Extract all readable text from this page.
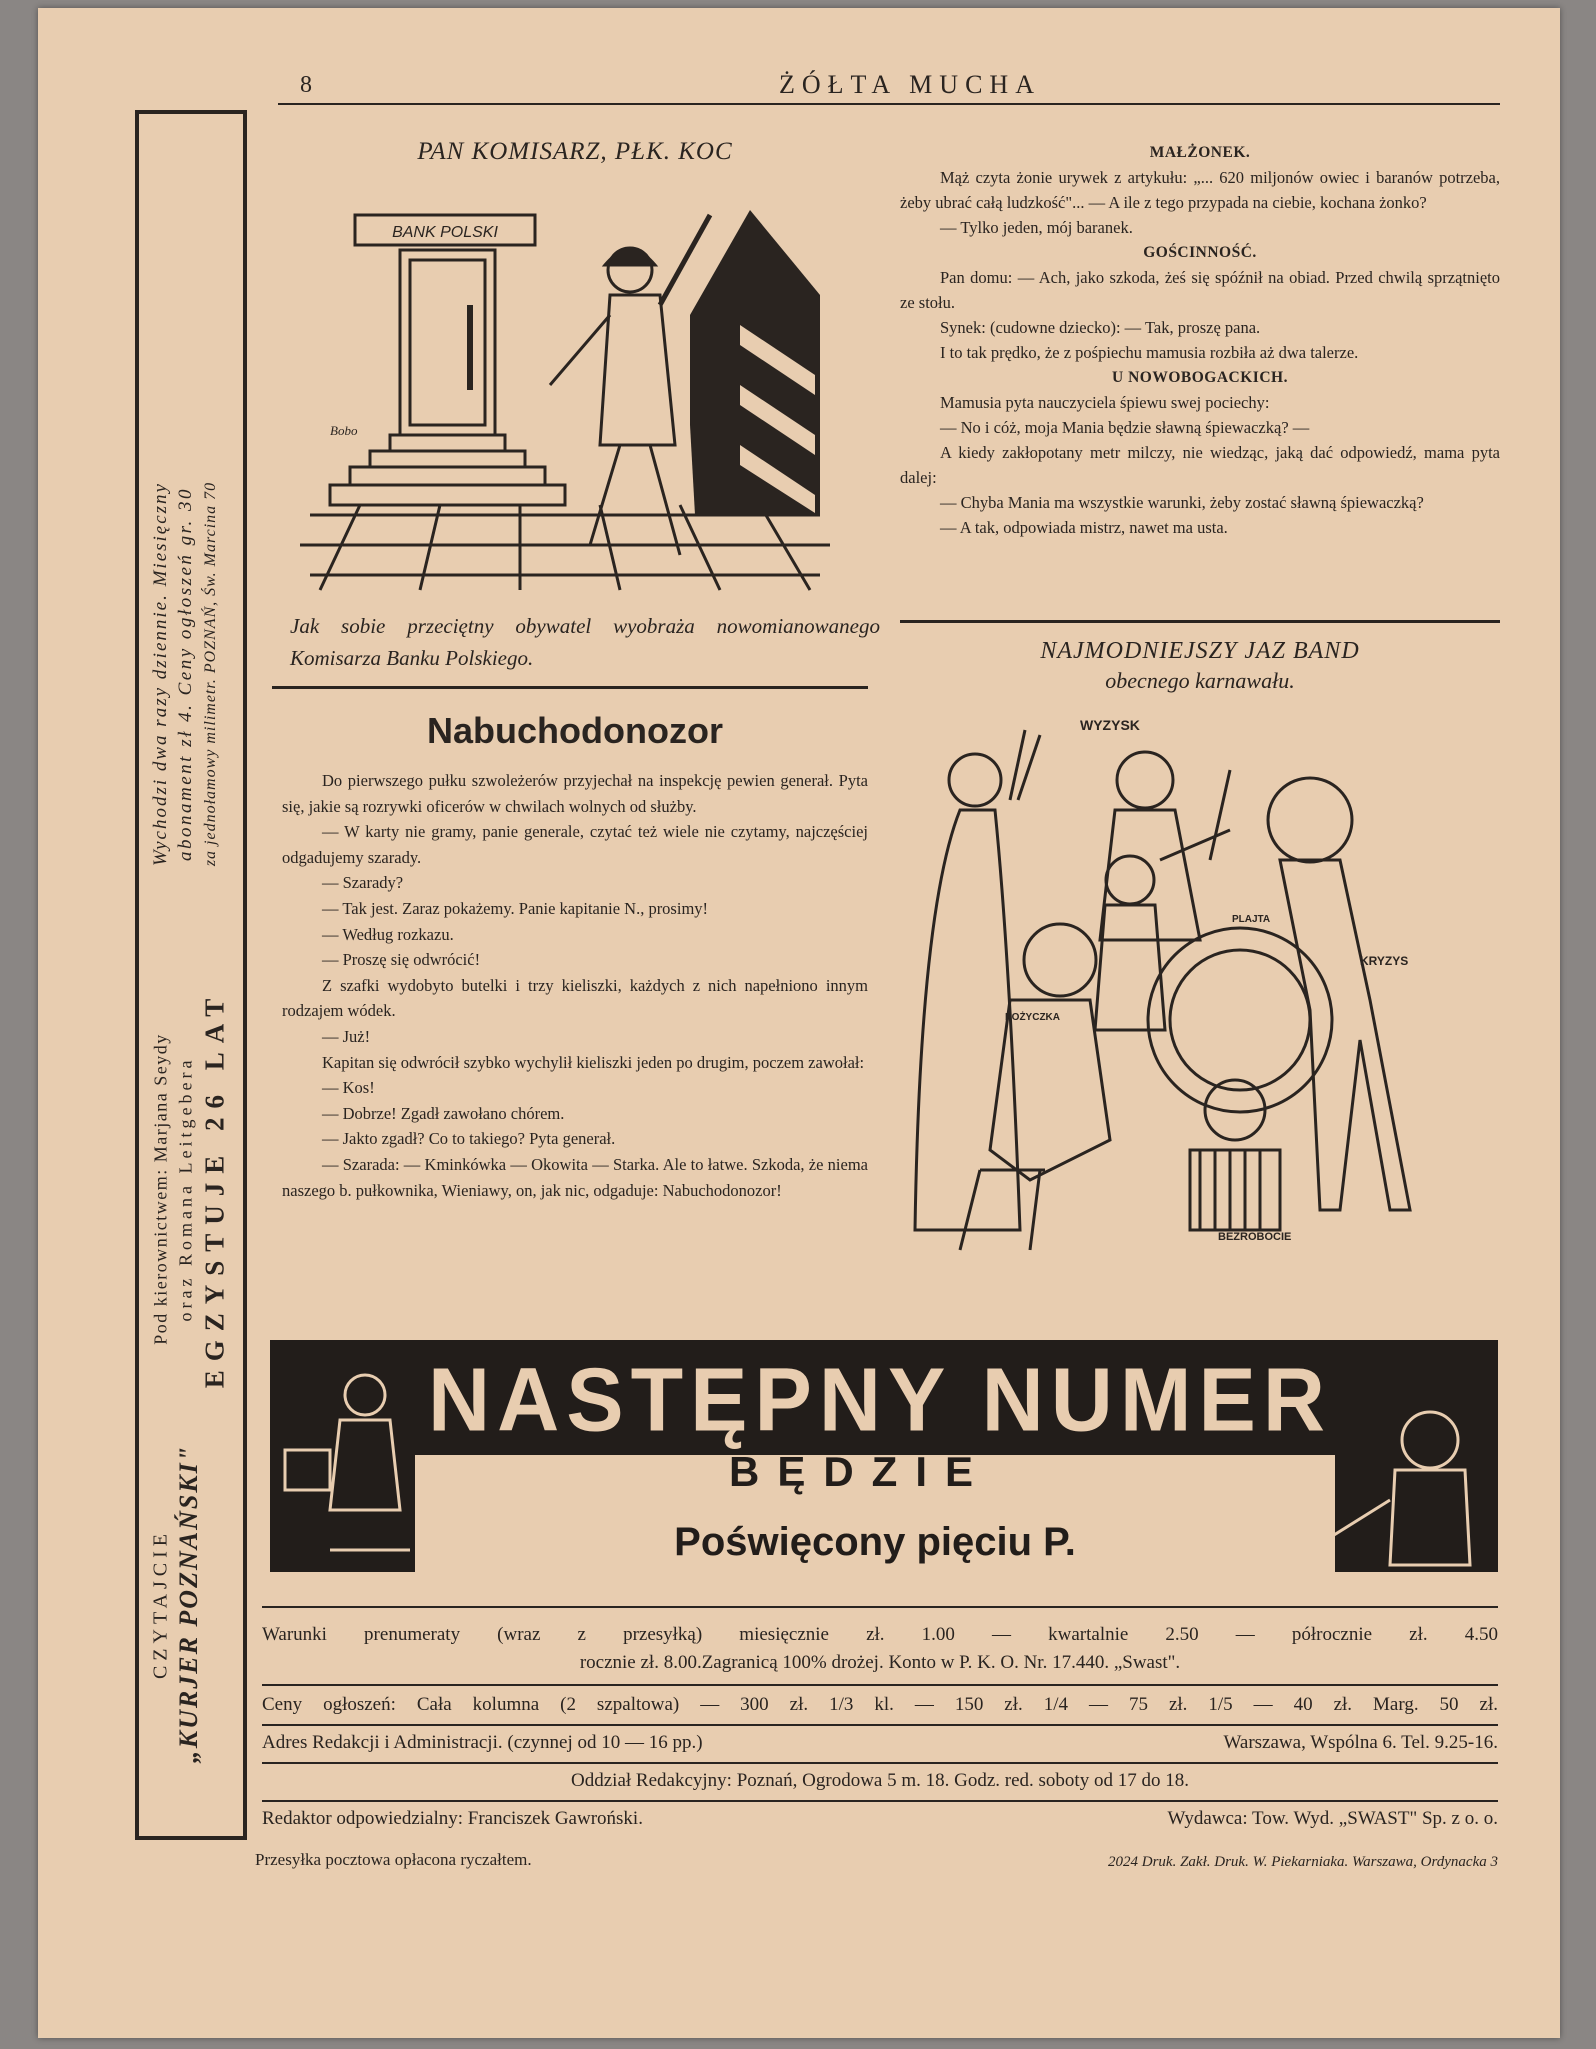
8	ŻÓŁTA MUCHA
CZYTAJCIE „KURJER POZNAŃSKI"
Wychodzi dwa razy dziennie. Miesięczny abonament zł 4. Ceny ogłoszeń gr. 30 za jednołamowy milimetr. POZNAŃ, Św. Marcina 70
Pod kierownictwem: Marjana Seydy oraz Romana Leitgebera EGZYSTUJE 26 LAT
PAN KOMISARZ, PŁK. KOC
BANK POLSKI
Bobo
Jak sobie przeciętny obywatel wyobraża nowomianowanego Komisarza Banku Polskiego.
Nabuchodonozor

Do pierwszego pułku szwoleżerów przyjechał na inspekcję pewien generał. Pyta się, jakie są rozrywki oficerów w chwilach wolnych od służby.

— W karty nie gramy, panie generale, czytać też wiele nie czytamy, najczęściej odgadujemy szarady.

— Szarady?

— Tak jest. Zaraz pokażemy. Panie kapitanie N., prosimy!

— Według rozkazu.

— Proszę się odwrócić!

Z szafki wydobyto butelki i trzy kieliszki, każdych z nich napełniono innym rodzajem wódek.

— Już!

Kapitan się odwrócił szybko wychylił kieliszki jeden po drugim, poczem zawołał:

— Kos!

— Dobrze! Zgadł zawołano chórem.

— Jakto zgadł? Co to takiego? Pyta generał.

— Szarada: — Kminkówka — Okowita — Starka. Ale to łatwe. Szkoda, że niema naszego b. pułkownika, Wieniawy, on, jak nic, odgaduje: Nabuchodonozor!

MAŁŻONEK.

Mąż czyta żonie urywek z artykułu: „... 620 miljonów owiec i baranów potrzeba, żeby ubrać całą ludzkość"... — A ile z tego przypada na ciebie, kochana żonko?

— Tylko jeden, mój baranek.

GOŚCINNOŚĆ.

Pan domu: — Ach, jako szkoda, żeś się spóźnił na obiad. Przed chwilą sprzątnięto ze stołu.

Synek: (cudowne dziecko): — Tak, proszę pana.

I to tak prędko, że z pośpiechu mamusia rozbiła aż dwa talerze.

U NOWOBOGACKICH.

Mamusia pyta nauczyciela śpiewu swej pociechy:

— No i cóż, moja Mania będzie sławną śpiewaczką? —

A kiedy zakłopotany metr milczy, nie wiedząc, jaką dać odpowiedź, mama pyta dalej:

— Chyba Mania ma wszystkie warunki, żeby zostać sławną śpiewaczką?

— A tak, odpowiada mistrz, nawet ma usta.

NAJMODNIEJSZY JAZ BAND
obecnego karnawału.
WYZYSK
KRYZYS
BEZROBOCIE
POŻYCZKA
PLAJTA
NASTĘPNY NUMER
BĘDZIE
Poświęcony pięciu P.
Warunki prenumeraty (wraz z przesyłką) miesięcznie zł. 1.00 — kwartalnie 2.50 — półrocznie zł. 4.50
rocznie zł. 8.00.Zagranicą 100% drożej. Konto w P. K. O. Nr. 17.440. „Swast".
Ceny ogłoszeń: Cała kolumna (2 szpaltowa) — 300 zł. 1/3 kl. — 150 zł. 1/4 — 75 zł. 1/5 — 40 zł. Marg. 50 zł.
Adres Redakcji i Administracji. (czynnej od 10 — 16 pp.)	Warszawa, Wspólna 6. Tel. 9.25-16.
Oddział Redakcyjny: Poznań, Ogrodowa 5 m. 18. Godz. red. soboty od 17 do 18.
Redaktor odpowiedzialny: Franciszek Gawroński.	Wydawca: Tow. Wyd. „SWAST" Sp. z o. o.
Przesyłka pocztowa opłacona ryczałtem.	2024 Druk. Zakł. Druk. W. Piekarniaka. Warszawa, Ordynacka 3
